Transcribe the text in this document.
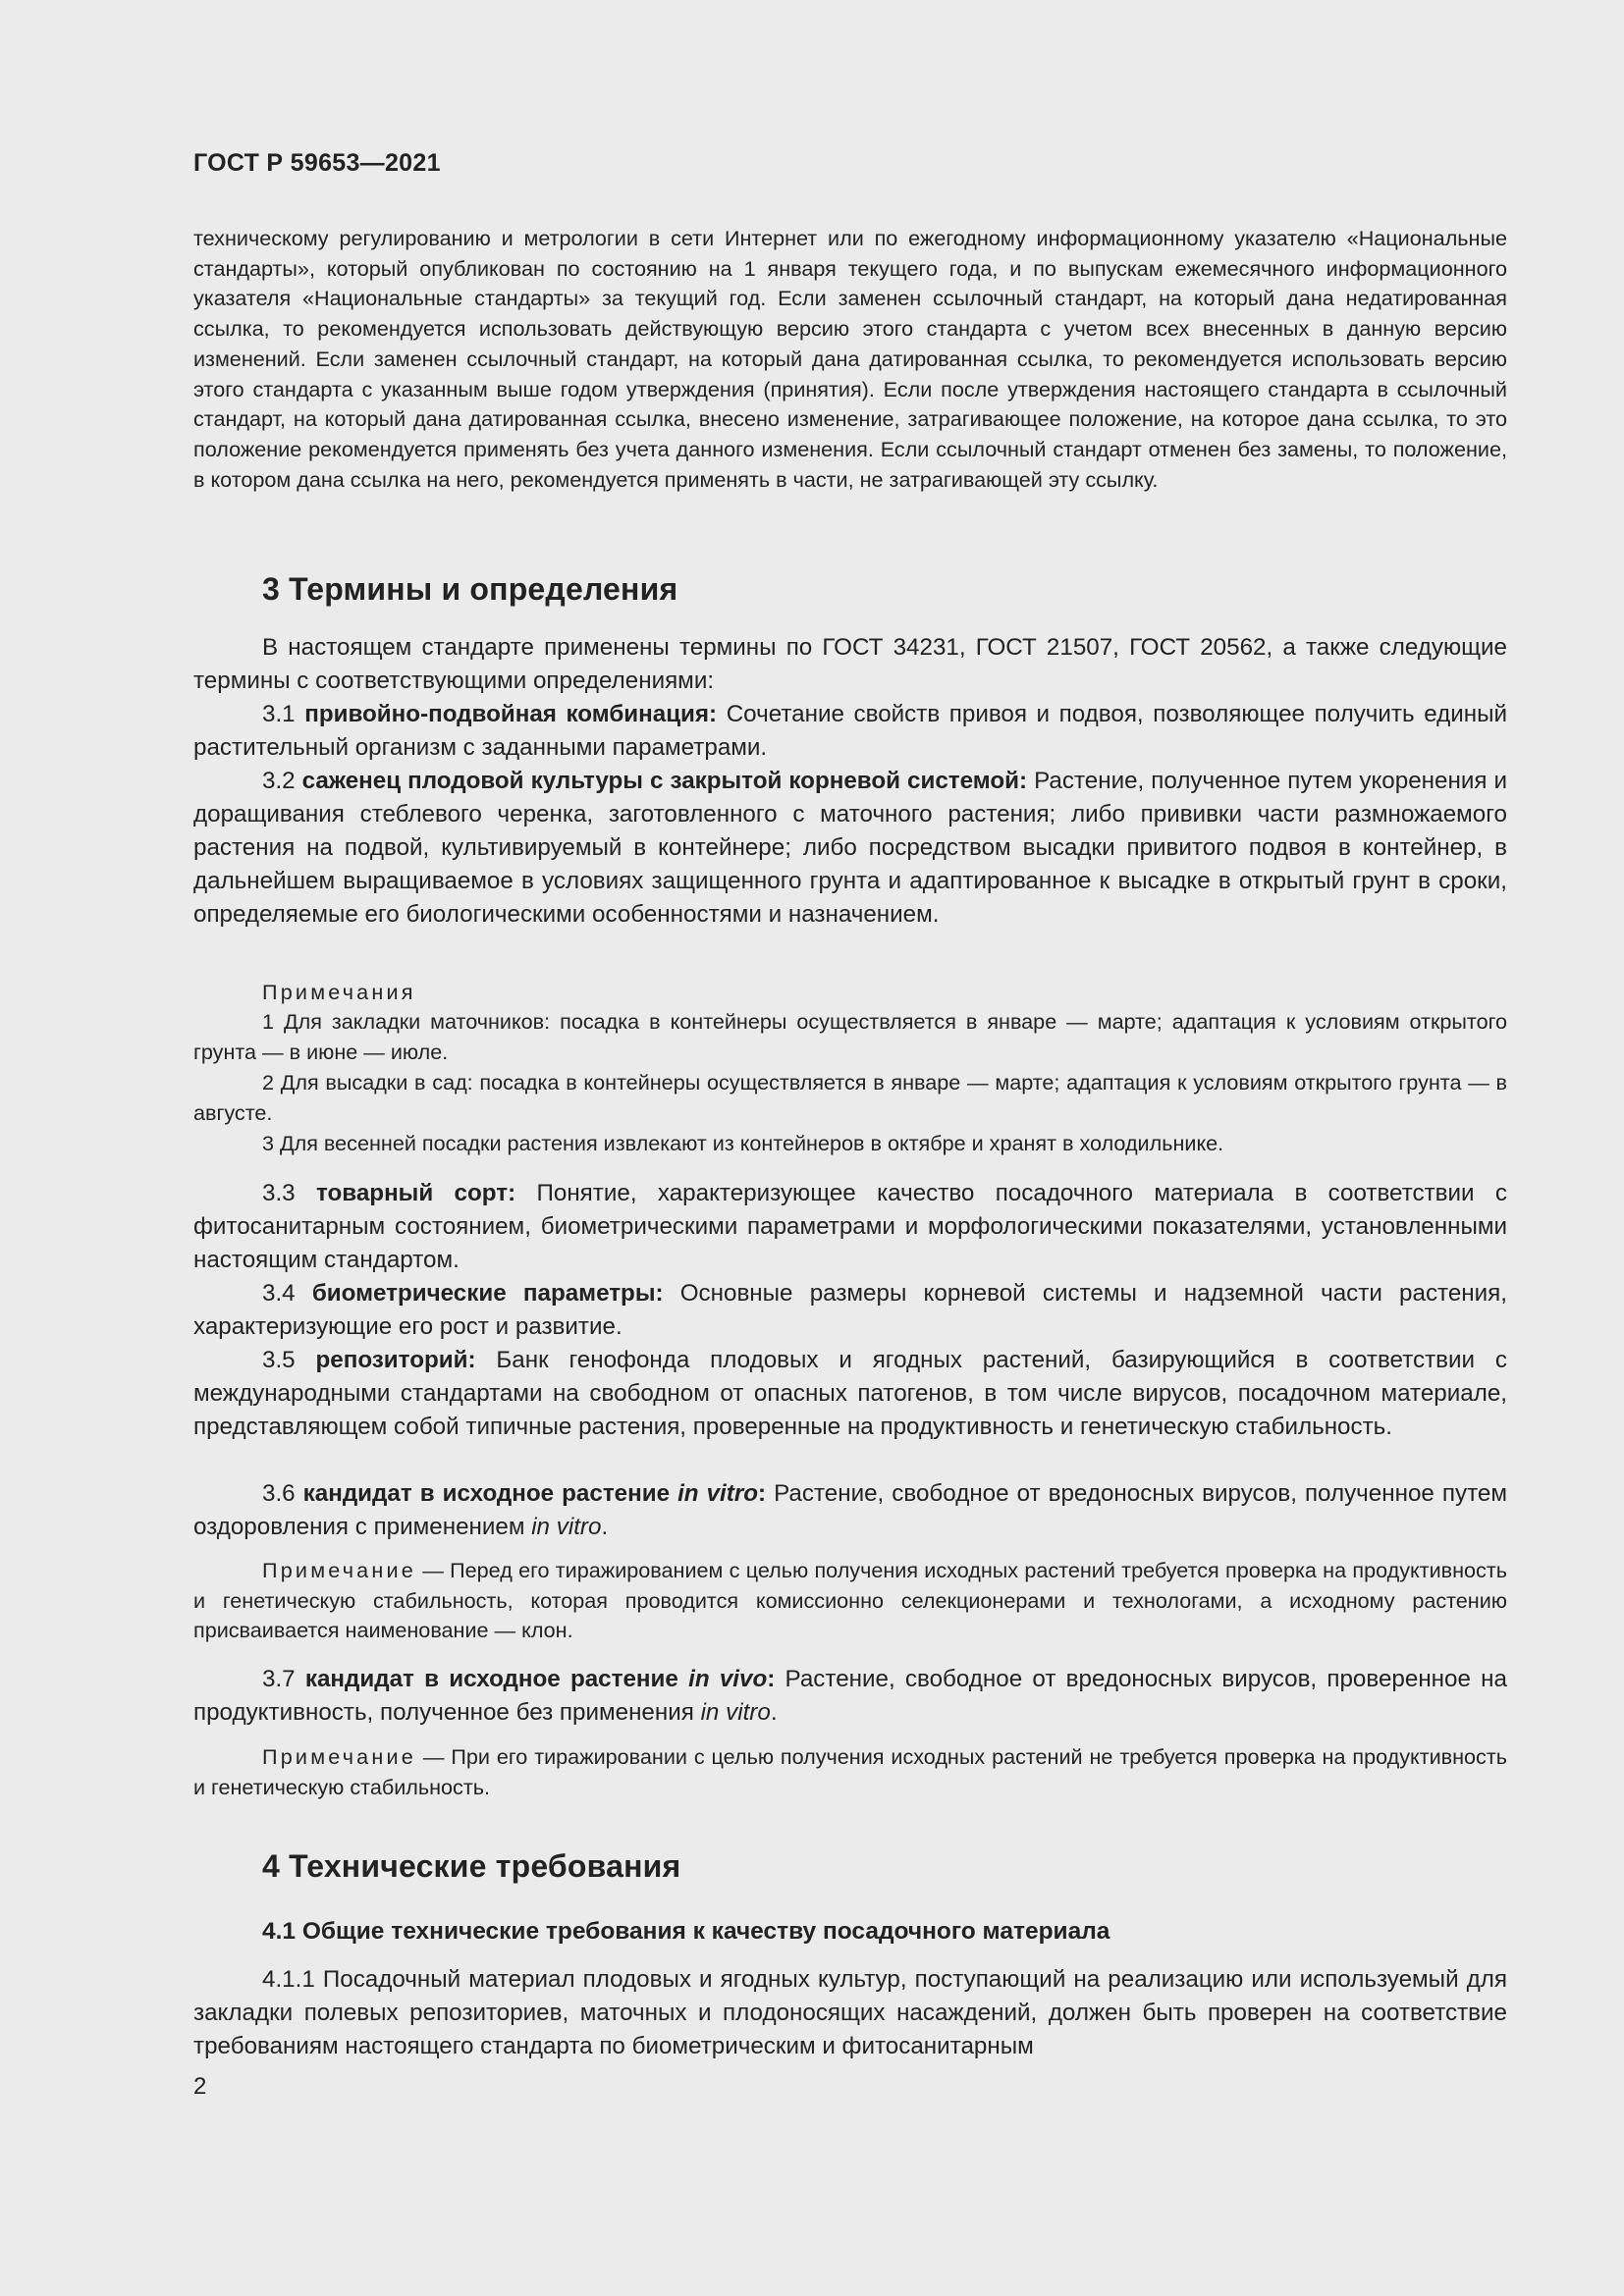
ГОСТ Р 59653—2021

техническому регулированию и метрологии в сети Интернет или по ежегодному информационному указателю «Национальные стандарты», который опубликован по состоянию на 1 января текущего года, и по выпускам ежемесячного информационного указателя «Национальные стандарты» за текущий год. Если заменен ссылочный стандарт, на который дана недатированная ссылка, то рекомендуется использовать действующую версию этого стандарта с учетом всех внесенных в данную версию изменений. Если заменен ссылочный стандарт, на который дана датированная ссылка, то рекомендуется использовать версию этого стандарта с указанным выше годом утверждения (принятия). Если после утверждения настоящего стандарта в ссылочный стандарт, на который дана датированная ссылка, внесено изменение, затрагивающее положение, на которое дана ссылка, то это положение рекомендуется применять без учета данного изменения. Если ссылочный стандарт отменен без замены, то положение, в котором дана ссылка на него, рекомендуется применять в части, не затрагивающей эту ссылку.

3 Термины и определения

В настоящем стандарте применены термины по ГОСТ 34231, ГОСТ 21507, ГОСТ 20562, а также следующие термины с соответствующими определениями:

3.1 привойно-подвойная комбинация: Сочетание свойств привоя и подвоя, позволяющее получить единый растительный организм с заданными параметрами.

3.2 саженец плодовой культуры с закрытой корневой системой: Растение, полученное путем укоренения и доращивания стеблевого черенка, заготовленного с маточного растения; либо прививки части размножаемого растения на подвой, культивируемый в контейнере; либо посредством высадки привитого подвоя в контейнер, в дальнейшем выращиваемое в условиях защищенного грунта и адаптированное к высадке в открытый грунт в сроки, определяемые его биологическими особенностями и назначением.

Примечания

1 Для закладки маточников: посадка в контейнеры осуществляется в январе — марте; адаптация к условиям открытого грунта — в июне — июле.

2 Для высадки в сад: посадка в контейнеры осуществляется в январе — марте; адаптация к условиям открытого грунта — в августе.

3 Для весенней посадки растения извлекают из контейнеров в октябре и хранят в холодильнике.

3.3 товарный сорт: Понятие, характеризующее качество посадочного материала в соответствии с фитосанитарным состоянием, биометрическими параметрами и морфологическими показателями, установленными настоящим стандартом.

3.4 биометрические параметры: Основные размеры корневой системы и надземной части растения, характеризующие его рост и развитие.

3.5 репозиторий: Банк генофонда плодовых и ягодных растений, базирующийся в соответствии с международными стандартами на свободном от опасных патогенов, в том числе вирусов, посадочном материале, представляющем собой типичные растения, проверенные на продуктивность и генетическую стабильность.

3.6 кандидат в исходное растение in vitro: Растение, свободное от вредоносных вирусов, полученное путем оздоровления с применением in vitro.

Примечание — Перед его тиражированием с целью получения исходных растений требуется проверка на продуктивность и генетическую стабильность, которая проводится комиссионно селекционерами и технологами, а исходному растению присваивается наименование — клон.

3.7 кандидат в исходное растение in vivo: Растение, свободное от вредоносных вирусов, проверенное на продуктивность, полученное без применения in vitro.

Примечание — При его тиражировании с целью получения исходных растений не требуется проверка на продуктивность и генетическую стабильность.

4 Технические требования
4.1 Общие технические требования к качеству посадочного материала

4.1.1 Посадочный материал плодовых и ягодных культур, поступающий на реализацию или используемый для закладки полевых репозиториев, маточных и плодоносящих насаждений, должен быть проверен на соответствие требованиям настоящего стандарта по биометрическим и фитосанитарным

2
